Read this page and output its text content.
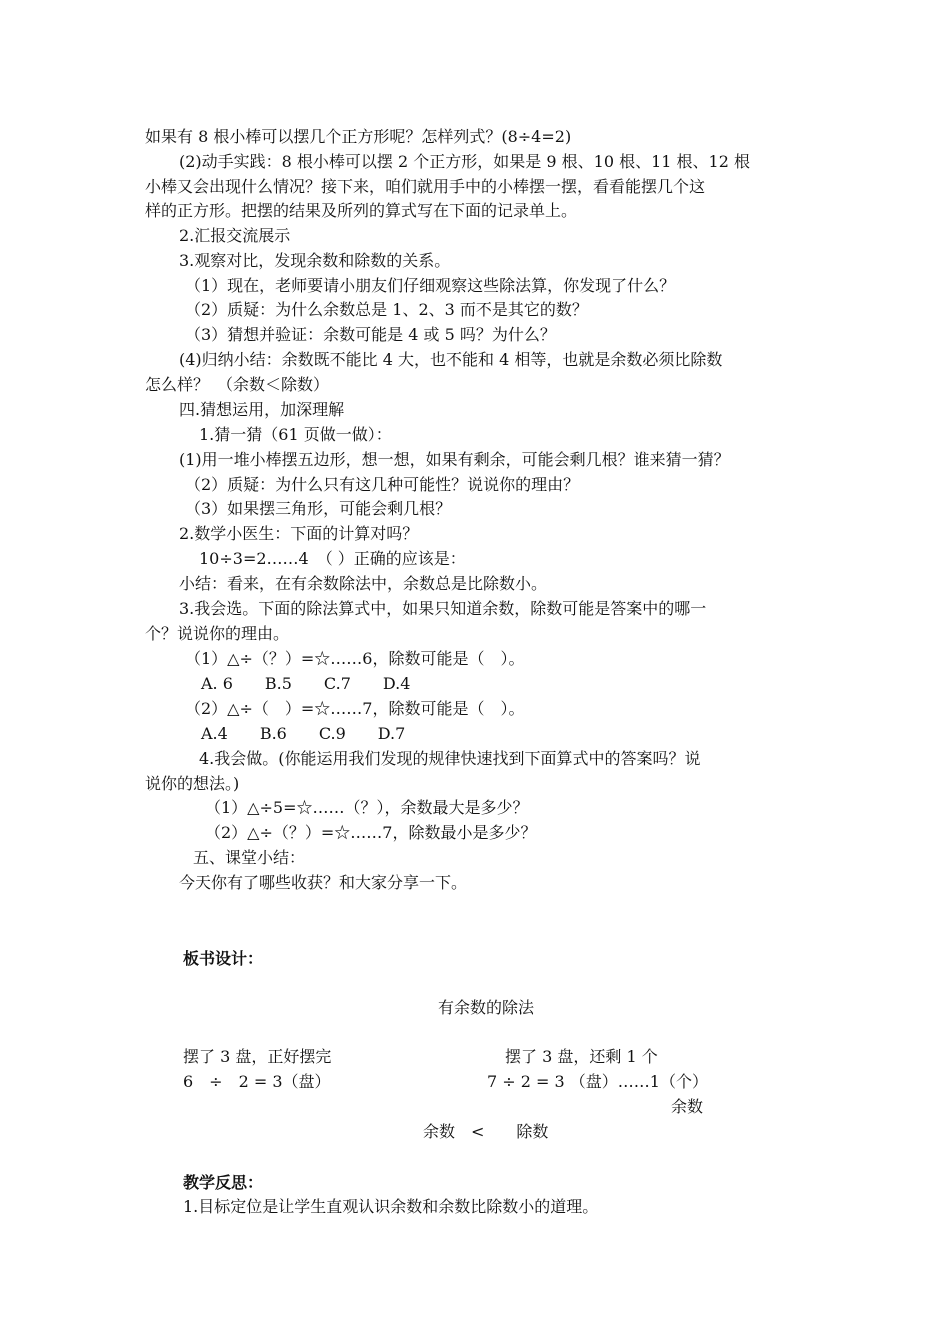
如果有 8 根小棒可以摆几个正方形呢？怎样列式？(8÷4=2)
(2)动手实践：8 根小棒可以摆 2 个正方形，如果是 9 根、10 根、11 根、12 根
小棒又会出现什么情况？接下来，咱们就用手中的小棒摆一摆，看看能摆几个这
样的正方形。把摆的结果及所列的算式写在下面的记录单上。
2.汇报交流展示
3.观察对比，发现余数和除数的关系。
（1）现在，老师要请小朋友们仔细观察这些除法算，你发现了什么？
（2）质疑：为什么余数总是 1、2、3 而不是其它的数？
（3）猜想并验证：余数可能是 4 或 5 吗？为什么？
(4)归纳小结：余数既不能比 4 大，也不能和 4 相等，也就是余数必须比除数
怎么样？　（余数＜除数）
四.猜想运用，加深理解
1.猜一猜（61 页做一做）：
(1)用一堆小棒摆五边形，想一想，如果有剩余，可能会剩几根？谁来猜一猜？
（2）质疑：为什么只有这几种可能性？说说你的理由？
（3）如果摆三角形，可能会剩几根？
2.数学小医生：下面的计算对吗？
10÷3=2……4　（ ）正确的应该是：
小结：看来，在有余数除法中，余数总是比除数小。
3.我会选。下面的除法算式中，如果只知道余数，除数可能是答案中的哪一
个？说说你的理由。
（1）△÷（？）=☆……6，除数可能是（　）。
A. 6　　B.5　　C.7　　D.4
（2）△÷（　）=☆……7，除数可能是（　）。
A.4　　B.6　　C.9　　D.7
4.我会做。(你能运用我们发现的规律快速找到下面算式中的答案吗？说
说你的想法。)
（1）△÷5=☆……（？），余数最大是多少？
（2）△÷（？）=☆……7，除数最小是多少？
五、课堂小结：
今天你有了哪些收获？和大家分享一下。
板书设计：
有余数的除法
摆了 3 盘，正好摆完	摆了 3 盘，还剩 1 个
6　÷　2 = 3（盘）	7 ÷ 2 = 3 （盘）……1（个）
余数
余数　<　　除数
教学反思：
1.目标定位是让学生直观认识余数和余数比除数小的道理。
